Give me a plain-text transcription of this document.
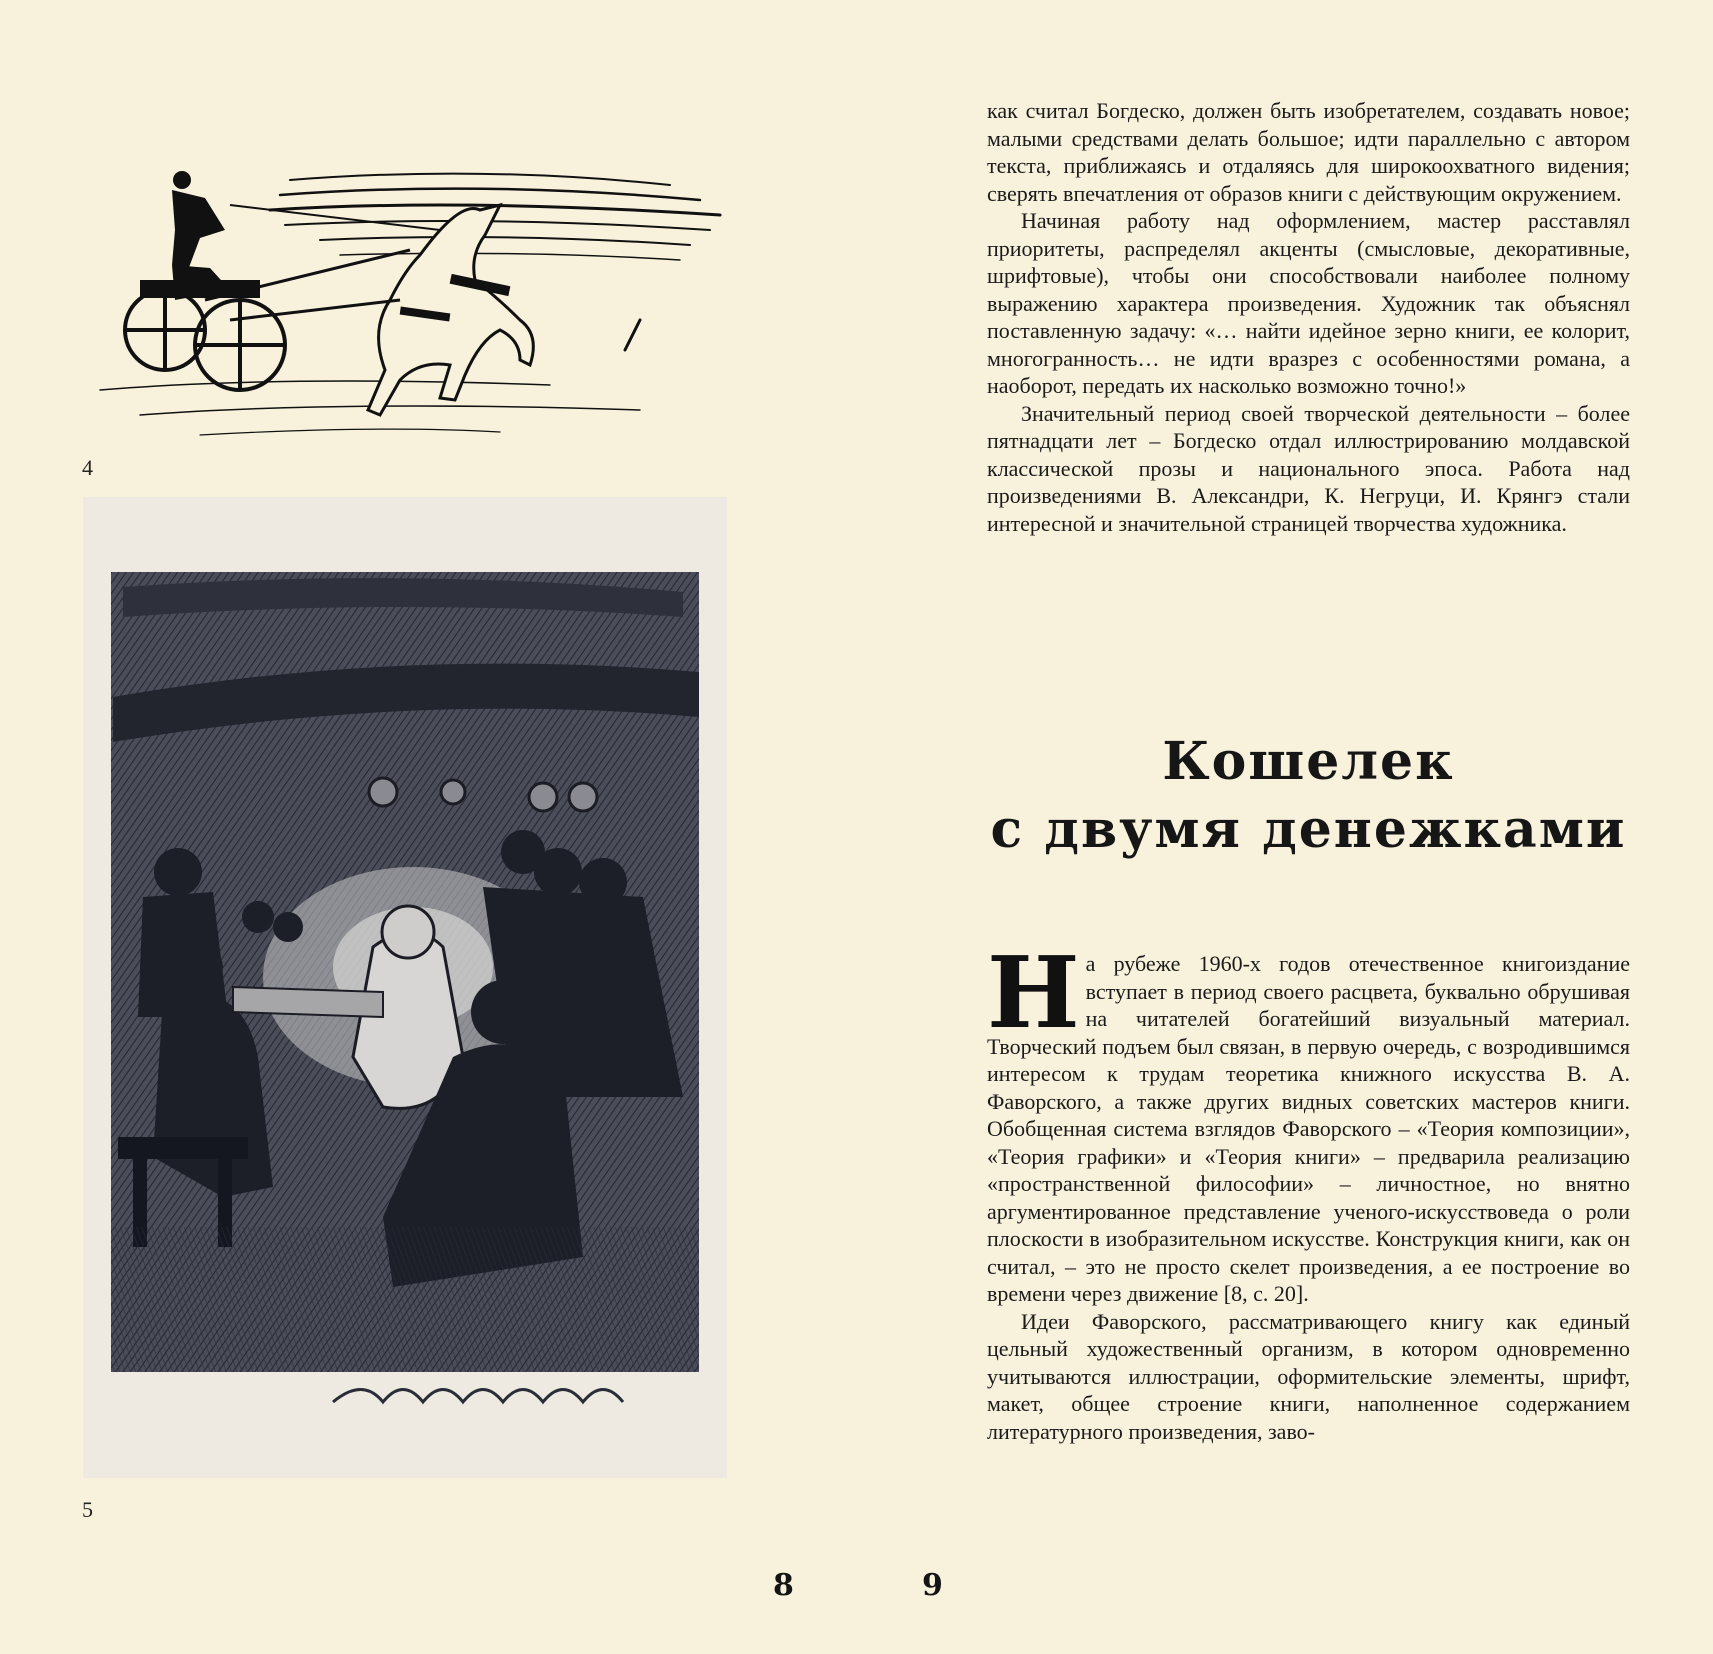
4
5

как считал Богдеско, должен быть изобретателем, создавать новое; малыми средствами делать большое; идти параллельно с автором текста, приближаясь и отдаляясь для широкоохватного видения; сверять впечатления от образов книги с действующим окружением.

Начиная работу над оформлением, мастер расставлял приоритеты, распределял акценты (смысловые, декоративные, шрифтовые), чтобы они способствовали наиболее полному выражению характера произведения. Художник так объяснял поставленную задачу: «… найти идейное зерно книги, ее колорит, многогранность… не идти вразрез с особенностями романа, а наоборот, передать их насколько возможно точно!»

Значительный период своей творческой деятельности – более пятнадцати лет – Богдеско отдал иллюстрированию молдавской классической прозы и национального эпоса. Работа над произведениями В. Александри, К. Негруци, И. Крянгэ стали интересной и значительной страницей творчества художника.

Кошелек
с двумя денежками

На рубеже 1960-х годов отечественное книгоиздание вступает в период своего расцвета, буквально обрушивая на читателей богатейший визуальный материал. Творческий подъем был связан, в первую очередь, с возродившимся интересом к трудам теоретика книжного искусства В. А. Фаворского, а также других видных советских мастеров книги. Обобщенная система взглядов Фаворского – «Теория композиции», «Теория графики» и «Теория книги» – предварила реализацию «пространственной философии» – личностное, но внятно аргументированное представление ученого-искусствоведа о роли плоскости в изобразительном искусстве. Конструкция книги, как он считал, – это не просто скелет произведения, а ее построение во времени через движение [8, с. 20].

Идеи Фаворского, рассматривающего книгу как единый цельный художественный организм, в котором одновременно учитываются иллюстрации, оформительские элементы, шрифт, макет, общее строение книги, наполненное содержанием литературного произведения, заво-

8	9
